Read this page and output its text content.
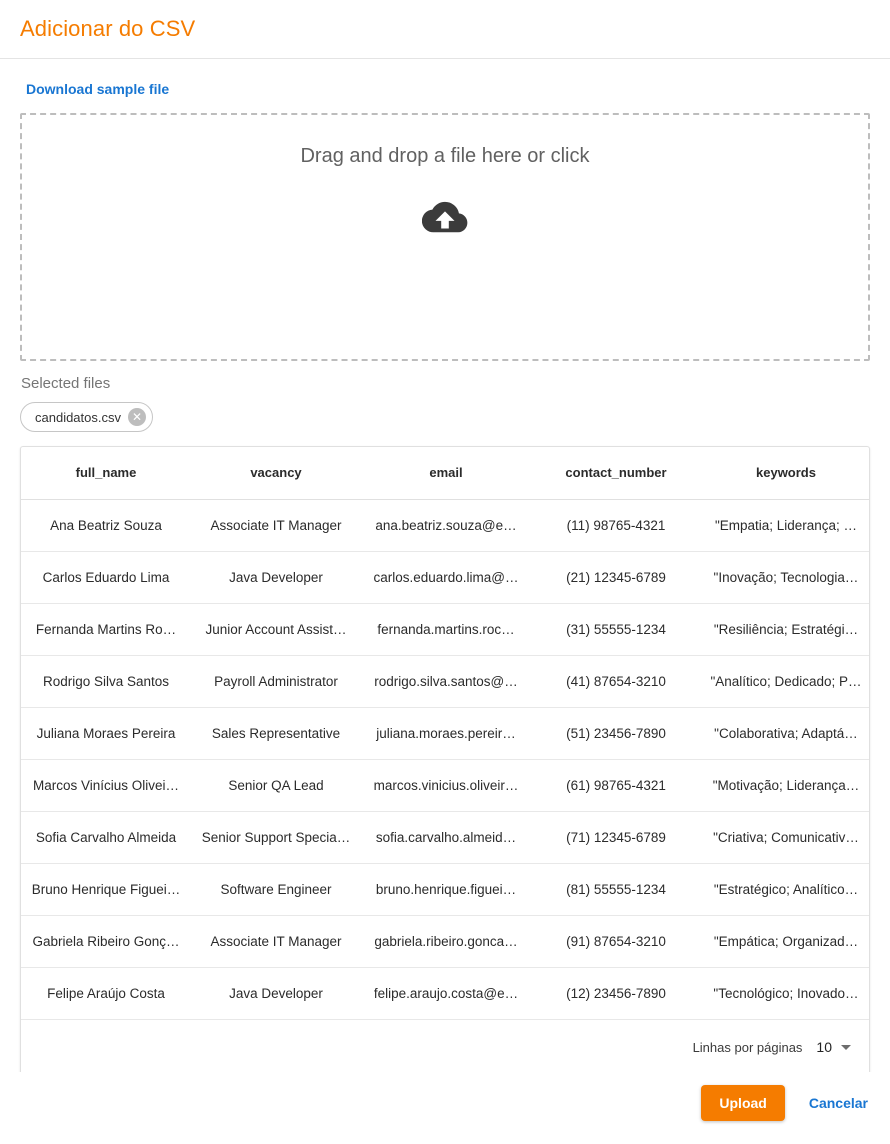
Adicionar do CSV
Download sample file
Drag and drop a file here or click
Selected files
candidatos.csv ✕
full_name	vacancy	email	contact_number	keywords
Ana Beatriz Souza	Associate IT Manager	ana.beatriz.souza@e…	(11) 98765-4321	"Empatia; Liderança; …
Carlos Eduardo Lima	Java Developer	carlos.eduardo.lima@…	(21) 12345-6789	"Inovação; Tecnologia…
Fernanda Martins Ro…	Junior Account Assist…	fernanda.martins.roc…	(31) 55555-1234	"Resiliência; Estratégi…
Rodrigo Silva Santos	Payroll Administrator	rodrigo.silva.santos@…	(41) 87654-3210	"Analítico; Dedicado; P…
Juliana Moraes Pereira	Sales Representative	juliana.moraes.pereir…	(51) 23456-7890	"Colaborativa; Adaptá…
Marcos Vinícius Olivei…	Senior QA Lead	marcos.vinicius.oliveir…	(61) 98765-4321	"Motivação; Liderança…
Sofia Carvalho Almeida	Senior Support Specia…	sofia.carvalho.almeid…	(71) 12345-6789	"Criativa; Comunicativ…
Bruno Henrique Figuei…	Software Engineer	bruno.henrique.figuei…	(81) 55555-1234	"Estratégico; Analítico…
Gabriela Ribeiro Gonç…	Associate IT Manager	gabriela.ribeiro.gonca…	(91) 87654-3210	"Empática; Organizad…
Felipe Araújo Costa	Java Developer	felipe.araujo.costa@e…	(12) 23456-7890	"Tecnológico; Inovado…
Linhas por páginas 10
Upload	Cancelar
